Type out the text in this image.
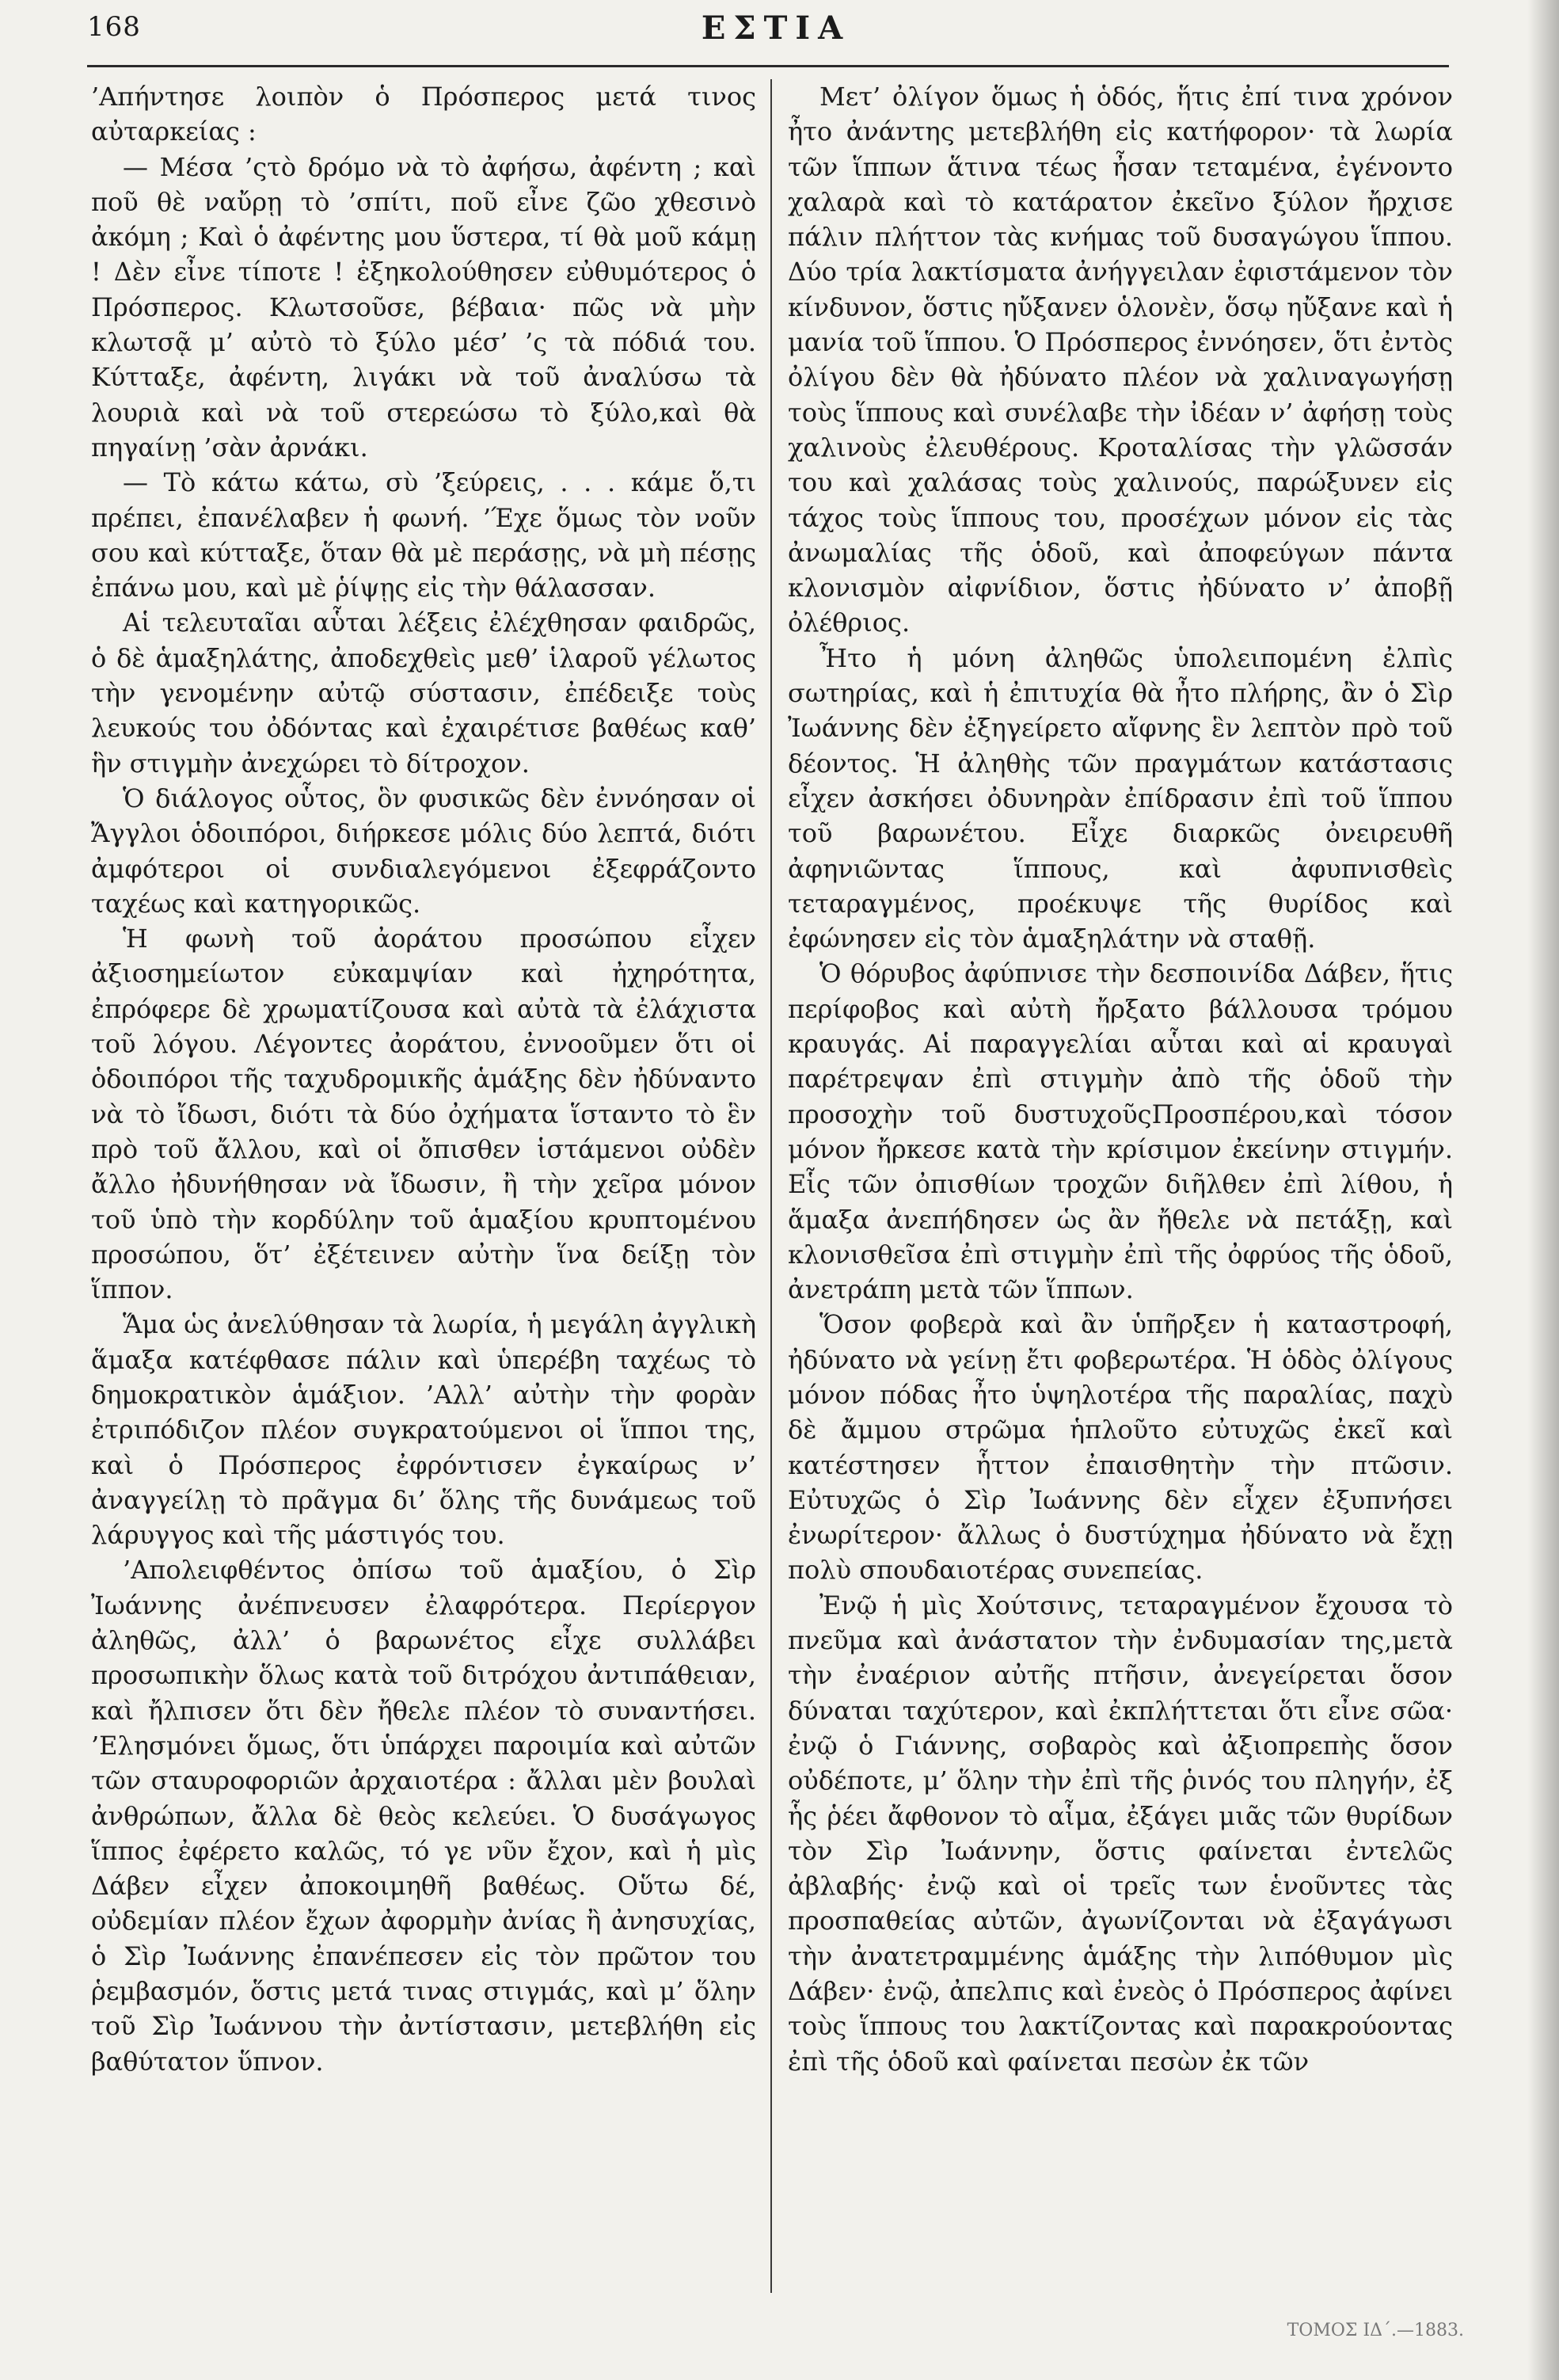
168	ΕΣΤΙΑ

’Απήντησε λοιπὸν ὁ Πρόσπερος μετά τινος αὐταρκείας :

— Μέσα ’ςτὸ δρόμο νὰ τὸ ἀφήσω, ἀφέντη ; καὶ ποῦ θὲ ναὔρῃ τὸ ’σπίτι, ποῦ εἶνε ζῶο χθεσινὸ ἀκόμη ; Καὶ ὁ ἀφέντης μου ὕστερα, τί θὰ μοῦ κάμῃ ! Δὲν εἶνε τίποτε ! ἐξηκολούθησεν εὐθυμότερος ὁ Πρόσπερος. Κλωτσοῦσε, βέβαια· πῶς νὰ μὴν κλωτσᾷ μ’ αὐτὸ τὸ ξύλο μέσ’ ’ς τὰ πόδιά του. Κύτταξε, ἀφέντη, λιγάκι νὰ τοῦ ἀναλύσω τὰ λουριὰ καὶ νὰ τοῦ στερεώσω τὸ ξύλο,καὶ θὰ πηγαίνῃ ’σὰν ἀρνάκι.

— Τὸ κάτω κάτω, σὺ ’ξεύρεις, . . . κάμε ὅ,τι πρέπει, ἐπανέλαβεν ἡ φωνή. ’Έχε ὅμως τὸν νοῦν σου καὶ κύτταξε, ὅταν θὰ μὲ περάσῃς, νὰ μὴ πέσῃς ἐπάνω μου, καὶ μὲ ῥίψῃς εἰς τὴν θάλασσαν.

Αἱ τελευταῖαι αὗται λέξεις ἐλέχθησαν φαιδρῶς, ὁ δὲ ἁμαξηλάτης, ἀποδεχθεὶς μεθ’ ἱλαροῦ γέλωτος τὴν γενομένην αὐτῷ σύστασιν, ἐπέδειξε τοὺς λευκούς του ὀδόντας καὶ ἐχαιρέτισε βαθέως καθ’ ἣν στιγμὴν ἀνεχώρει τὸ δίτροχον.

Ὁ διάλογος οὗτος, ὃν φυσικῶς δὲν ἐννόησαν οἱ Ἄγγλοι ὁδοιπόροι, διήρκεσε μόλις δύο λεπτά, διότι ἀμφότεροι οἱ συνδιαλεγόμενοι ἐξεφράζοντο ταχέως καὶ κατηγορικῶς.

Ἡ φωνὴ τοῦ ἀοράτου προσώπου εἶχεν ἀξιοσημείωτον εὐκαμψίαν καὶ ἠχηρότητα, ἐπρόφερε δὲ χρωματίζουσα καὶ αὐτὰ τὰ ἐλάχιστα τοῦ λόγου. Λέγοντες ἀοράτου, ἐννοοῦμεν ὅτι οἱ ὁδοιπόροι τῆς ταχυδρομικῆς ἁμάξης δὲν ἠδύναντο νὰ τὸ ἴδωσι, διότι τὰ δύο ὀχήματα ἵσταντο τὸ ἓν πρὸ τοῦ ἄλλου, καὶ οἱ ὄπισθεν ἱστάμενοι οὐδὲν ἄλλο ἠδυνήθησαν νὰ ἴδωσιν, ἢ τὴν χεῖρα μόνον τοῦ ὑπὸ τὴν κορδύλην τοῦ ἁμαξίου κρυπτομένου προσώπου, ὅτ’ ἐξέτεινεν αὐτὴν ἵνα δείξῃ τὸν ἵππον.

Ἅμα ὡς ἀνελύθησαν τὰ λωρία, ἡ μεγάλη ἀγγλικὴ ἅμαξα κατέφθασε πάλιν καὶ ὑπερέβη ταχέως τὸ δημοκρατικὸν ἁμάξιον. ’Αλλ’ αὐτὴν τὴν φορὰν ἐτριπόδιζον πλέον συγκρατούμενοι οἱ ἵπποι της, καὶ ὁ Πρόσπερος ἐφρόντισεν ἐγκαίρως ν’ ἀναγγείλῃ τὸ πρᾶγμα δι’ ὅλης τῆς δυνάμεως τοῦ λάρυγγος καὶ τῆς μάστιγός του.

’Απολειφθέντος ὀπίσω τοῦ ἁμαξίου, ὁ Σὶρ Ἰωάννης ἀνέπνευσεν ἐλαφρότερα. Περίεργον ἀληθῶς, ἀλλ’ ὁ βαρωνέτος εἶχε συλλάβει προσωπικὴν ὅλως κατὰ τοῦ διτρόχου ἀντιπάθειαν, καὶ ἤλπισεν ὅτι δὲν ἤθελε πλέον τὸ συναντήσει. ’Ελησμόνει ὅμως, ὅτι ὑπάρχει παροιμία καὶ αὐτῶν τῶν σταυροφοριῶν ἀρχαιοτέρα : ἄλλαι μὲν βουλαὶ ἀνθρώπων, ἄλλα δὲ θεὸς κελεύει. Ὁ δυσάγωγος ἵππος ἐφέρετο καλῶς, τό γε νῦν ἔχον, καὶ ἡ μὶς Δάβεν εἶχεν ἀποκοιμηθῆ βαθέως. Οὕτω δέ, οὐδεμίαν πλέον ἔχων ἀφορμὴν ἀνίας ἢ ἀνησυχίας, ὁ Σὶρ Ἰωάννης ἐπανέπεσεν εἰς τὸν πρῶτον του ῥεμβασμόν, ὅστις μετά τινας στιγμάς, καὶ μ’ ὅλην τοῦ Σὶρ Ἰωάννου τὴν ἀντίστασιν, μετεβλήθη εἰς βαθύτατον ὕπνον.

Μετ’ ὀλίγον ὅμως ἡ ὁδός, ἥτις ἐπί τινα χρόνον ἦτο ἀνάντης μετεβλήθη εἰς κατήφορον· τὰ λωρία τῶν ἵππων ἅτινα τέως ἦσαν τεταμένα, ἐγένοντο χαλαρὰ καὶ τὸ κατάρατον ἐκεῖνο ξύλον ἤρχισε πάλιν πλήττον τὰς κνήμας τοῦ δυσαγώγου ἵππου. Δύο τρία λακτίσματα ἀνήγγειλαν ἐφιστάμενον τὸν κίνδυνον, ὅστις ηὔξανεν ὁλονὲν, ὅσῳ ηὔξανε καὶ ἡ μανία τοῦ ἵππου. Ὁ Πρόσπερος ἐννόησεν, ὅτι ἐντὸς ὀλίγου δὲν θὰ ἠδύνατο πλέον νὰ χαλιναγωγήσῃ τοὺς ἵππους καὶ συνέλαβε τὴν ἰδέαν ν’ ἀφήσῃ τοὺς χαλινοὺς ἐλευθέρους. Κροταλίσας τὴν γλῶσσάν του καὶ χαλάσας τοὺς χαλινούς, παρώξυνεν εἰς τάχος τοὺς ἵππους του, προσέχων μόνον εἰς τὰς ἀνωμαλίας τῆς ὁδοῦ, καὶ ἀποφεύγων πάντα κλονισμὸν αἰφνίδιον, ὅστις ἠδύνατο ν’ ἀποβῇ ὀλέθριος.

Ἦτο ἡ μόνη ἀληθῶς ὑπολειπομένη ἐλπὶς σωτηρίας, καὶ ἡ ἐπιτυχία θὰ ἦτο πλήρης, ἂν ὁ Σὶρ Ἰωάννης δὲν ἐξηγείρετο αἴφνης ἓν λεπτὸν πρὸ τοῦ δέοντος. Ἡ ἀληθὴς τῶν πραγμάτων κατάστασις εἶχεν ἀσκήσει ὀδυνηρὰν ἐπίδρασιν ἐπὶ τοῦ ἵππου τοῦ βαρωνέτου. Εἶχε διαρκῶς ὀνειρευθῆ ἀφηνιῶντας ἵππους, καὶ ἀφυπνισθεὶς τεταραγμένος, προέκυψε τῆς θυρίδος καὶ ἐφώνησεν εἰς τὸν ἁμαξηλάτην νὰ σταθῇ.

Ὁ θόρυβος ἀφύπνισε τὴν δεσποινίδα Δάβεν, ἥτις περίφοβος καὶ αὐτὴ ἤρξατο βάλλουσα τρόμου κραυγάς. Αἱ παραγγελίαι αὗται καὶ αἱ κραυγαὶ παρέτρεψαν ἐπὶ στιγμὴν ἀπὸ τῆς ὁδοῦ τὴν προσοχὴν τοῦ δυστυχοῦςΠροσπέρου,καὶ τόσον μόνον ἤρκεσε κατὰ τὴν κρίσιμον ἐκείνην στιγμήν. Εἷς τῶν ὀπισθίων τροχῶν διῆλθεν ἐπὶ λίθου, ἡ ἅμαξα ἀνεπήδησεν ὡς ἂν ἤθελε νὰ πετάξῃ, καὶ κλονισθεῖσα ἐπὶ στιγμὴν ἐπὶ τῆς ὀφρύος τῆς ὁδοῦ, ἀνετράπη μετὰ τῶν ἵππων.

Ὅσον φοβερὰ καὶ ἂν ὑπῆρξεν ἡ καταστροφή, ἠδύνατο νὰ γείνῃ ἔτι φοβερωτέρα. Ἡ ὁδὸς ὀλίγους μόνον πόδας ἦτο ὑψηλοτέρα τῆς παραλίας, παχὺ δὲ ἄμμου στρῶμα ἡπλοῦτο εὐτυχῶς ἐκεῖ καὶ κατέστησεν ἧττον ἐπαισθητὴν τὴν πτῶσιν. Εὐτυχῶς ὁ Σὶρ Ἰωάννης δὲν εἶχεν ἐξυπνήσει ἐνωρίτερον· ἄλλως ὁ δυστύχημα ἠδύνατο νὰ ἔχῃ πολὺ σπουδαιοτέρας συνεπείας.

Ἐνῷ ἡ μὶς Χούτσινς, τεταραγμένον ἔχουσα τὸ πνεῦμα καὶ ἀνάστατον τὴν ἐνδυμασίαν της,μετὰ τὴν ἐναέριον αὐτῆς πτῆσιν, ἀνεγείρεται ὅσον δύναται ταχύτερον, καὶ ἐκπλήττεται ὅτι εἶνε σῶα· ἐνῷ ὁ Γιάννης, σοβαρὸς καὶ ἀξιοπρεπὴς ὅσον οὐδέποτε, μ’ ὅλην τὴν ἐπὶ τῆς ῥινός του πληγήν, ἐξ ἧς ῥέει ἄφθονον τὸ αἷμα, ἐξάγει μιᾶς τῶν θυρίδων τὸν Σὶρ Ἰωάννην, ὅστις φαίνεται ἐντελῶς ἀβλαβής· ἐνῷ καὶ οἱ τρεῖς των ἑνοῦντες τὰς προσπαθείας αὐτῶν, ἀγωνίζονται νὰ ἐξαγάγωσι τὴν ἀνατετραμμένης ἁμάξης τὴν λιπόθυμον μὶς Δάβεν· ἐνῷ, ἀπελπις καὶ ἐνεὸς ὁ Πρόσπερος ἀφίνει τοὺς ἵππους του λακτίζοντας καὶ παρακρούοντας ἐπὶ τῆς ὁδοῦ καὶ φαίνεται πεσὼν ἐκ τῶν

ΤΟΜΟΣ ΙΔ΄.—1883.
